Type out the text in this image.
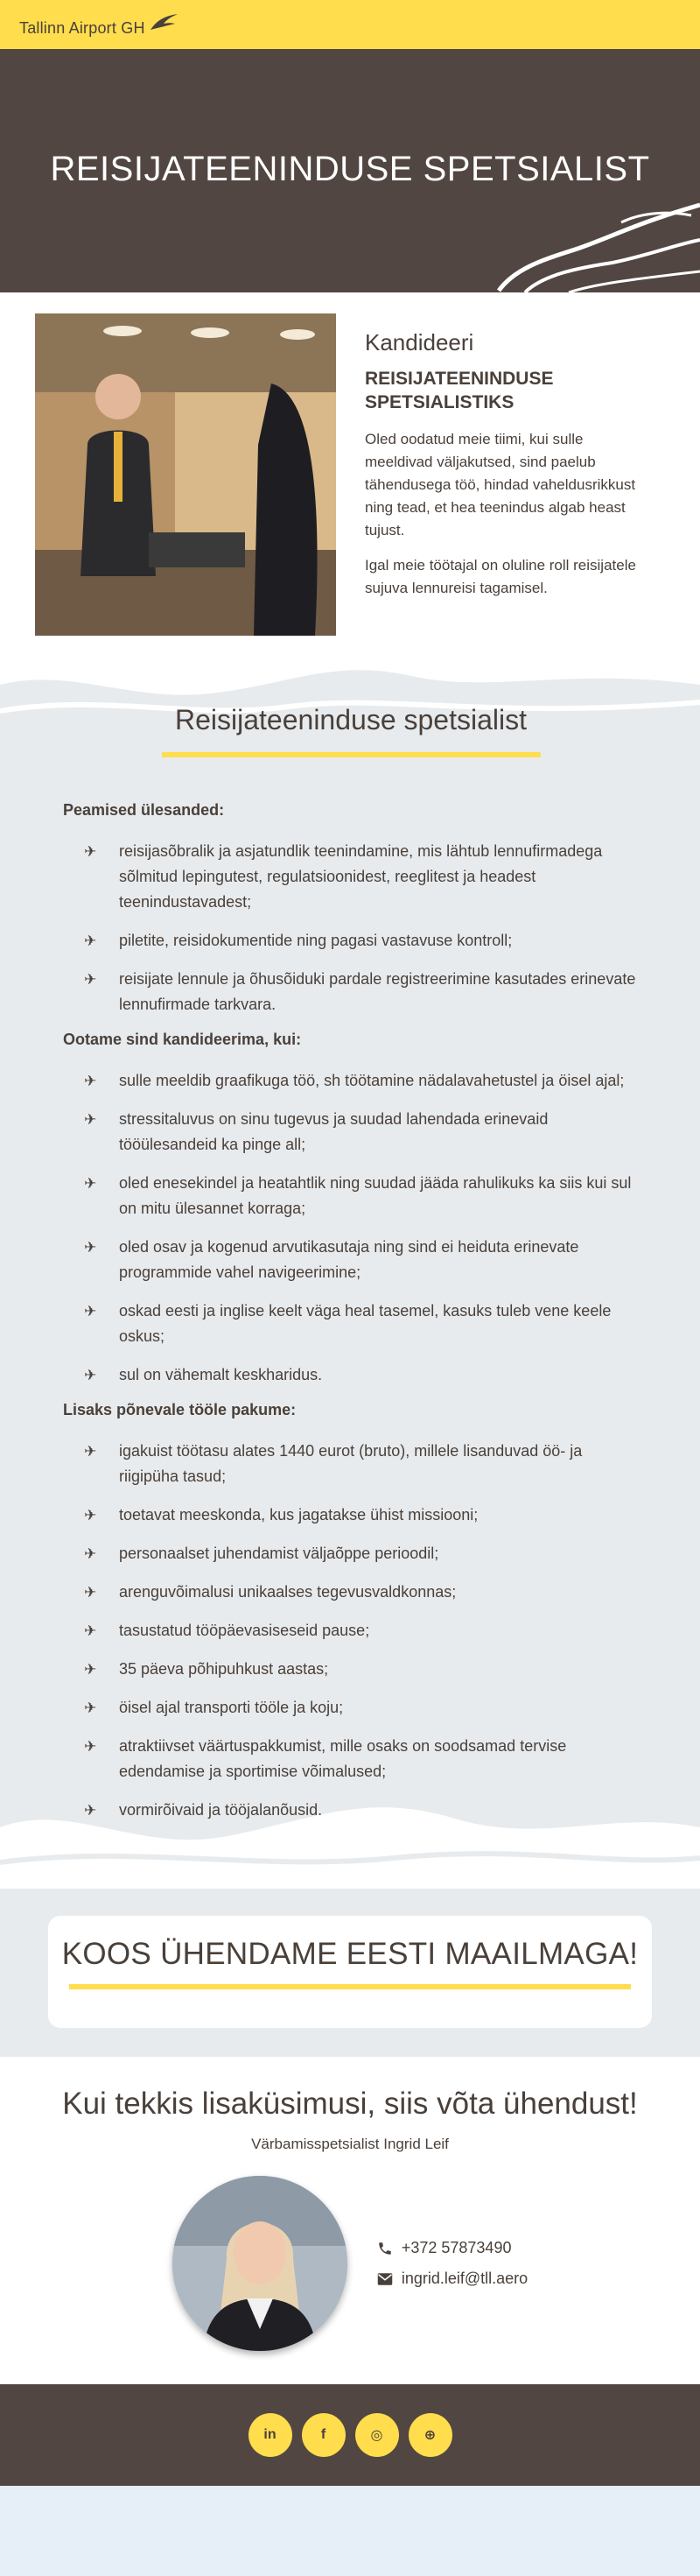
Tallinn Airport GH
REISIJATEENINDUSE SPETSIALIST
Kandideeri
REISIJATEENINDUSE SPETSIALISTIKS

Oled oodatud meie tiimi, kui sulle meeldivad väljakutsed, sind paelub tähendusega töö, hindad vaheldusrikkust ning tead, et hea teenindus algab heast tujust.

Igal meie töötajal on oluline roll reisijatele sujuva lennureisi tagamisel.

Reisijateeninduse spetsialist
Peamised ülesanded:
✈	reisijasõbralik ja asjatundlik teenindamine, mis lähtub lennufirmadega sõlmitud lepingutest, regulatsioonidest, reeglitest ja headest teenindustavadest;
✈	piletite, reisidokumentide ning pagasi vastavuse kontroll;
✈	reisijate lennule ja õhusõiduki pardale registreerimine kasutades erinevate lennufirmade tarkvara.
Ootame sind kandideerima, kui:
✈	sulle meeldib graafikuga töö, sh töötamine nädalavahetustel ja öisel ajal;
✈	stressitaluvus on sinu tugevus ja suudad lahendada erinevaid tööülesandeid ka pinge all;
✈	oled enesekindel ja heatahtlik ning suudad jääda rahulikuks ka siis kui sul on mitu ülesannet korraga;
✈	oled osav ja kogenud arvutikasutaja ning sind ei heiduta erinevate programmide vahel navigeerimine;
✈	oskad eesti ja inglise keelt väga heal tasemel, kasuks tuleb vene keele oskus;
✈	sul on vähemalt keskharidus.
Lisaks põnevale tööle pakume:
✈	igakuist töötasu alates 1440 eurot (bruto), millele lisanduvad öö- ja riigipüha tasud;
✈	toetavat meeskonda, kus jagatakse ühist missiooni;
✈	personaalset juhendamist väljaõppe perioodil;
✈	arenguvõimalusi unikaalses tegevusvaldkonnas;
✈	tasustatud tööpäevasiseseid pause;
✈	35 päeva põhipuhkust aastas;
✈	öisel ajal transporti tööle ja koju;
✈	atraktiivset väärtuspakkumist, mille osaks on soodsamad tervise edendamise ja sportimise võimalused;
✈	vormirõivaid ja tööjalanõusid.
KOOS ÜHENDAME EESTI MAAILMAGA!
Kui tekkis lisaküsimusi, siis võta ühendust!
Värbamisspetsialist Ingrid Leif
+372 57873490
ingrid.leif@tll.aero
in	f	◎	⊕
